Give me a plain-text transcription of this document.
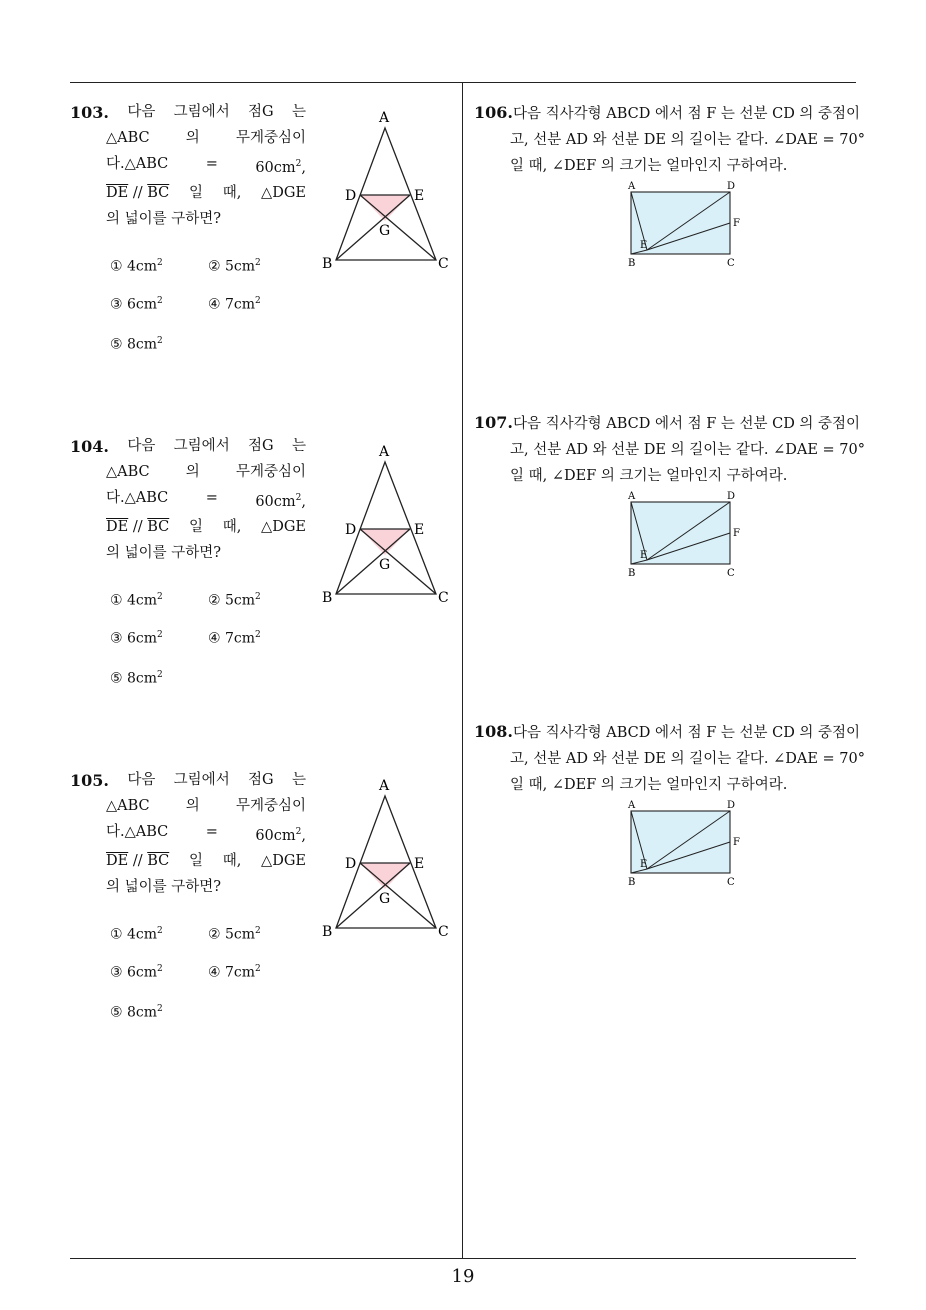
103. 다음 그림에서 점G 는
△ABC 의 무게중심이
다.△ABC	=	$60cm^2$,
$\overline{DE} // \overline{BC}$ 일 때, △DGE
의 넓이를 구하면?
① $4cm^2$	② $5cm^2$
③ $6cm^2$	④ $7cm^2$
⑤ $8cm^2$
A
B	C
D	E
G
104. 다음 그림에서 점G 는
△ABC 의 무게중심이
다.△ABC	=	$60cm^2$,
$\overline{DE} // \overline{BC}$ 일 때, △DGE
의 넓이를 구하면?
① $4cm^2$	② $5cm^2$
③ $6cm^2$	④ $7cm^2$
⑤ $8cm^2$
A
B	C
D	E
G
105. 다음 그림에서 점G 는
△ABC 의 무게중심이
다.△ABC	=	$60cm^2$,
$\overline{DE} // \overline{BC}$ 일 때, △DGE
의 넓이를 구하면?
① $4cm^2$	② $5cm^2$
③ $6cm^2$	④ $7cm^2$
⑤ $8cm^2$
A
B	C
D	E
G
106.다음 직사각형 ABCD 에서 점 F 는 선분 CD 의 중점이
고, 선분 AD 와 선분 DE 의 길이는 같다. ∠DAE = 70°
일 때, ∠DEF 의 크기는 얼마인지 구하여라.
A	D
F
B	C
E
107.다음 직사각형 ABCD 에서 점 F 는 선분 CD 의 중점이
고, 선분 AD 와 선분 DE 의 길이는 같다. ∠DAE = 70°
일 때, ∠DEF 의 크기는 얼마인지 구하여라.
A	D
F
B	C
E
108.다음 직사각형 ABCD 에서 점 F 는 선분 CD 의 중점이
고, 선분 AD 와 선분 DE 의 길이는 같다. ∠DAE = 70°
일 때, ∠DEF 의 크기는 얼마인지 구하여라.
A	D
F
B	C
E
19
